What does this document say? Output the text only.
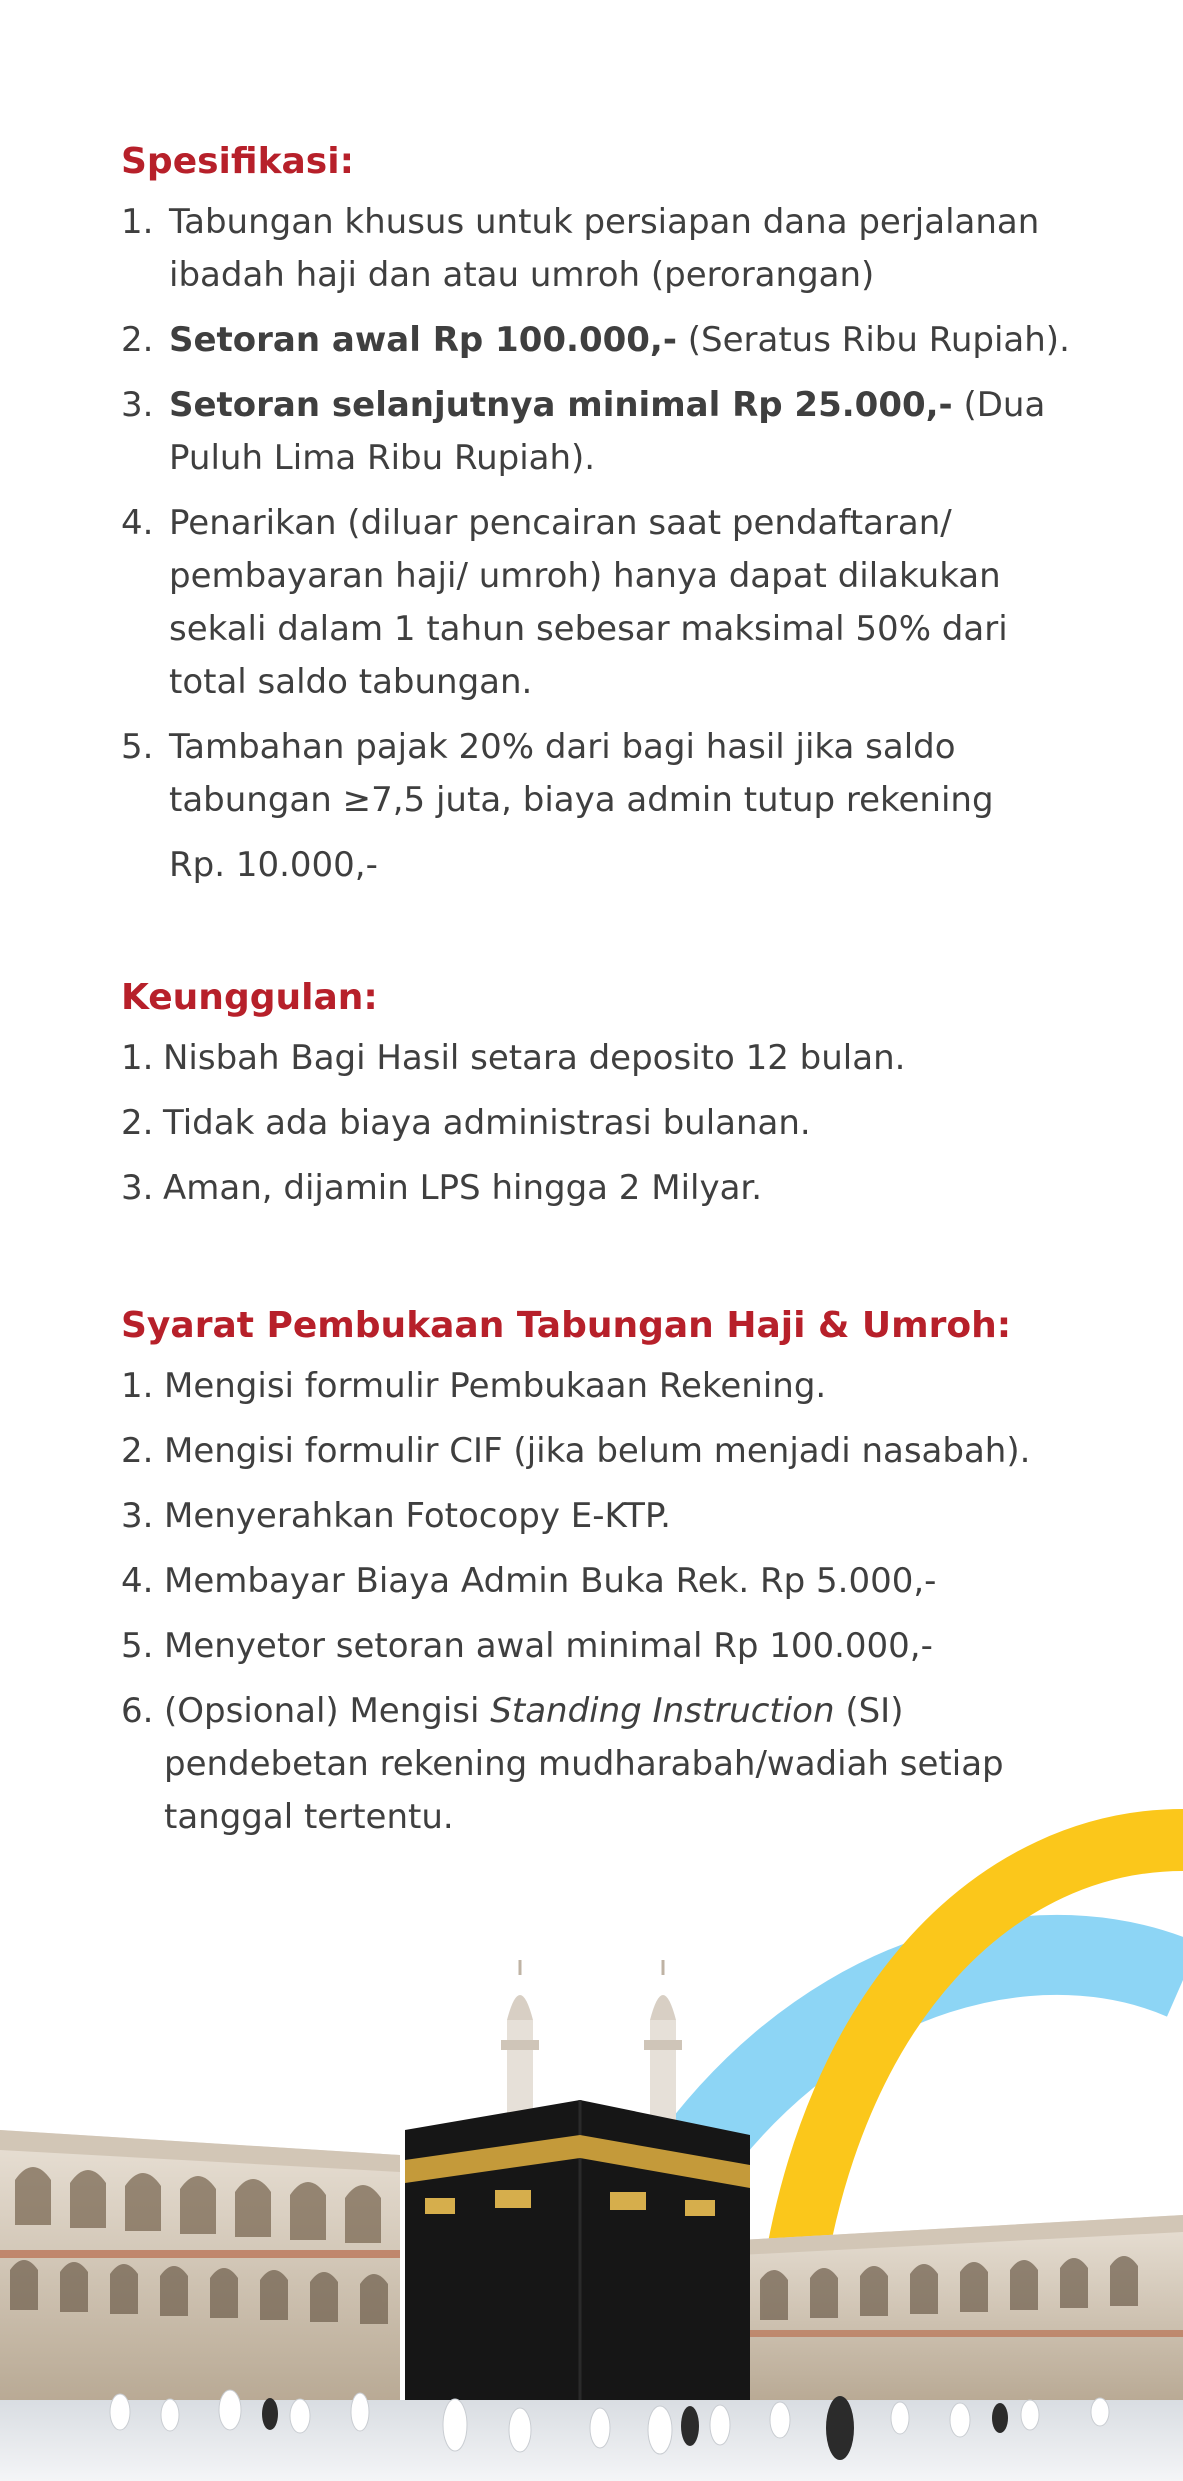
Spesifikasi:
1. Tabungan khusus untuk persiapan dana perjalanan ibadah haji dan atau umroh (perorangan)
2. Setoran awal Rp 100.000,- (Seratus Ribu Rupiah).
3. Setoran selanjutnya minimal Rp 25.000,- (Dua Puluh Lima Ribu Rupiah).
4. Penarikan (diluar pencairan saat pendaftaran/ pembayaran haji/ umroh) hanya dapat dilakukan sekali dalam 1 tahun sebesar maksimal 50% dari total saldo tabungan.
5. Tambahan pajak 20% dari bagi hasil jika saldo tabungan ≥7,5 juta, biaya admin tutup rekening
Rp. 10.000,-
Keunggulan:
1. Nisbah Bagi Hasil setara deposito 12 bulan.
2. Tidak ada biaya administrasi bulanan.
3. Aman, dijamin LPS hingga 2 Milyar.
Syarat Pembukaan Tabungan Haji & Umroh:
1. Mengisi formulir Pembukaan Rekening.
2. Mengisi formulir CIF (jika belum menjadi nasabah).
3. Menyerahkan Fotocopy E-KTP.
4. Membayar Biaya Admin Buka Rek. Rp 5.000,-
5. Menyetor setoran awal minimal Rp 100.000,-
6. (Opsional) Mengisi Standing Instruction (SI) pendebetan rekening mudharabah/wadiah setiap tanggal tertentu.
